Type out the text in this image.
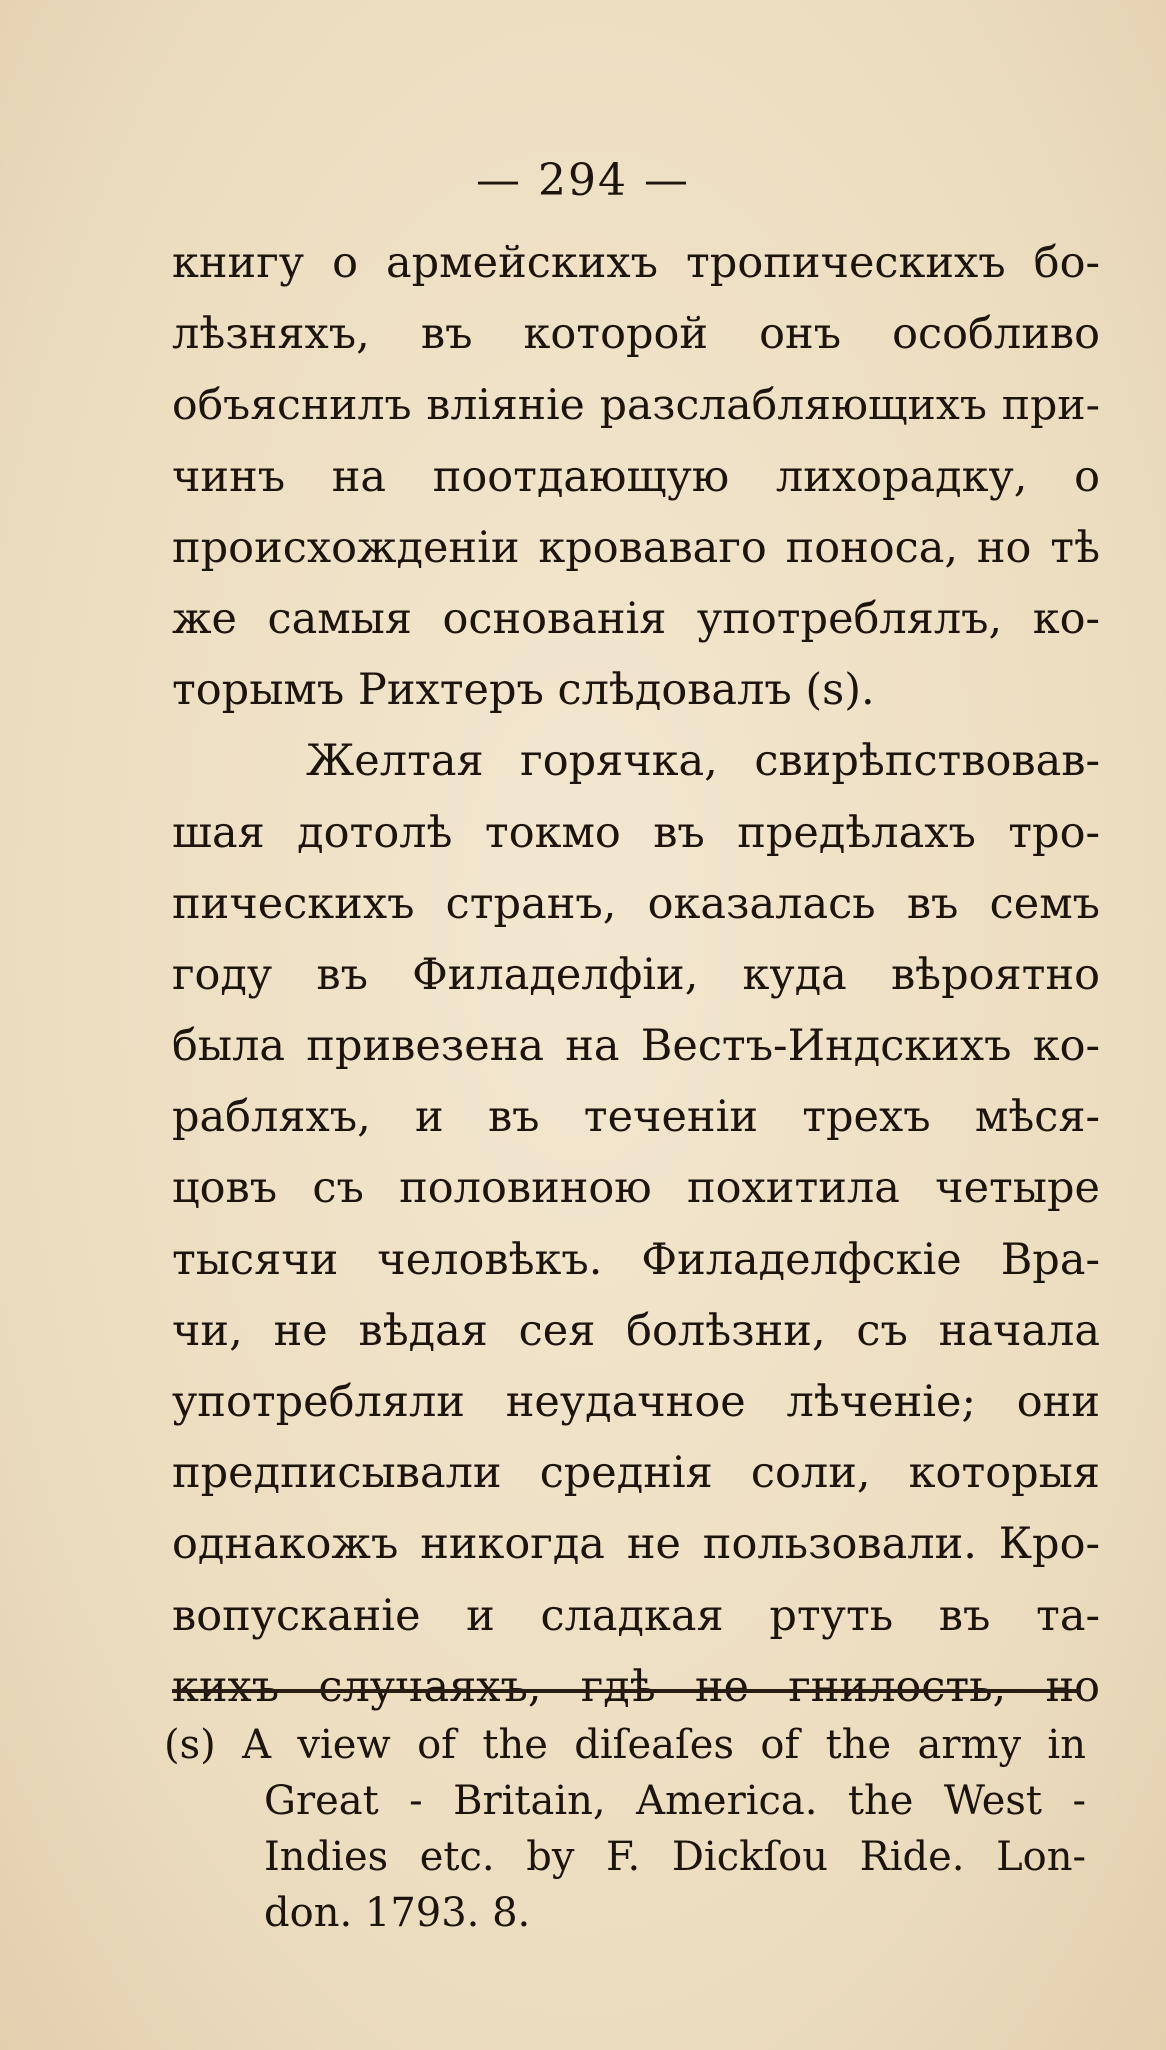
— 294 —
книгу о армейскихъ тропическихъ бо-
лѣзняхъ, въ которой онъ особливо
объяснилъ вліяніе разслабляющихъ при-
чинъ на поотдающую лихорадку, о
происхожденіи кроваваго поноса, но тѣ
же самыя основанія употреблялъ, ко-
торымъ Рихтеръ слѣдовалъ (s).
Желтая горячка, свирѣпствовав-
шая дотолѣ токмо въ предѣлахъ тро-
пическихъ странъ, оказалась въ семъ
году въ Филаделфіи, куда вѣроятно
была привезена на Вестъ-Индскихъ ко-
рабляхъ, и въ теченіи трехъ мѣся-
цовъ съ половиною похитила четыре
тысячи человѣкъ. Филаделфскіе Вра-
чи, не вѣдая сея болѣзни, съ начала
употребляли неудачное лѣченіе; они
предписывали среднія соли, которыя
однакожъ никогда не пользовали. Кро-
вопусканіе и сладкая ртуть въ та-
кихъ случаяхъ, гдѣ не гнилость, но
(s) A view of the diſeaſes of the army in
Great - Britain, America. the West -
Indies etc. by F. Dickſou Ride. Lon-
don. 1793. 8.
